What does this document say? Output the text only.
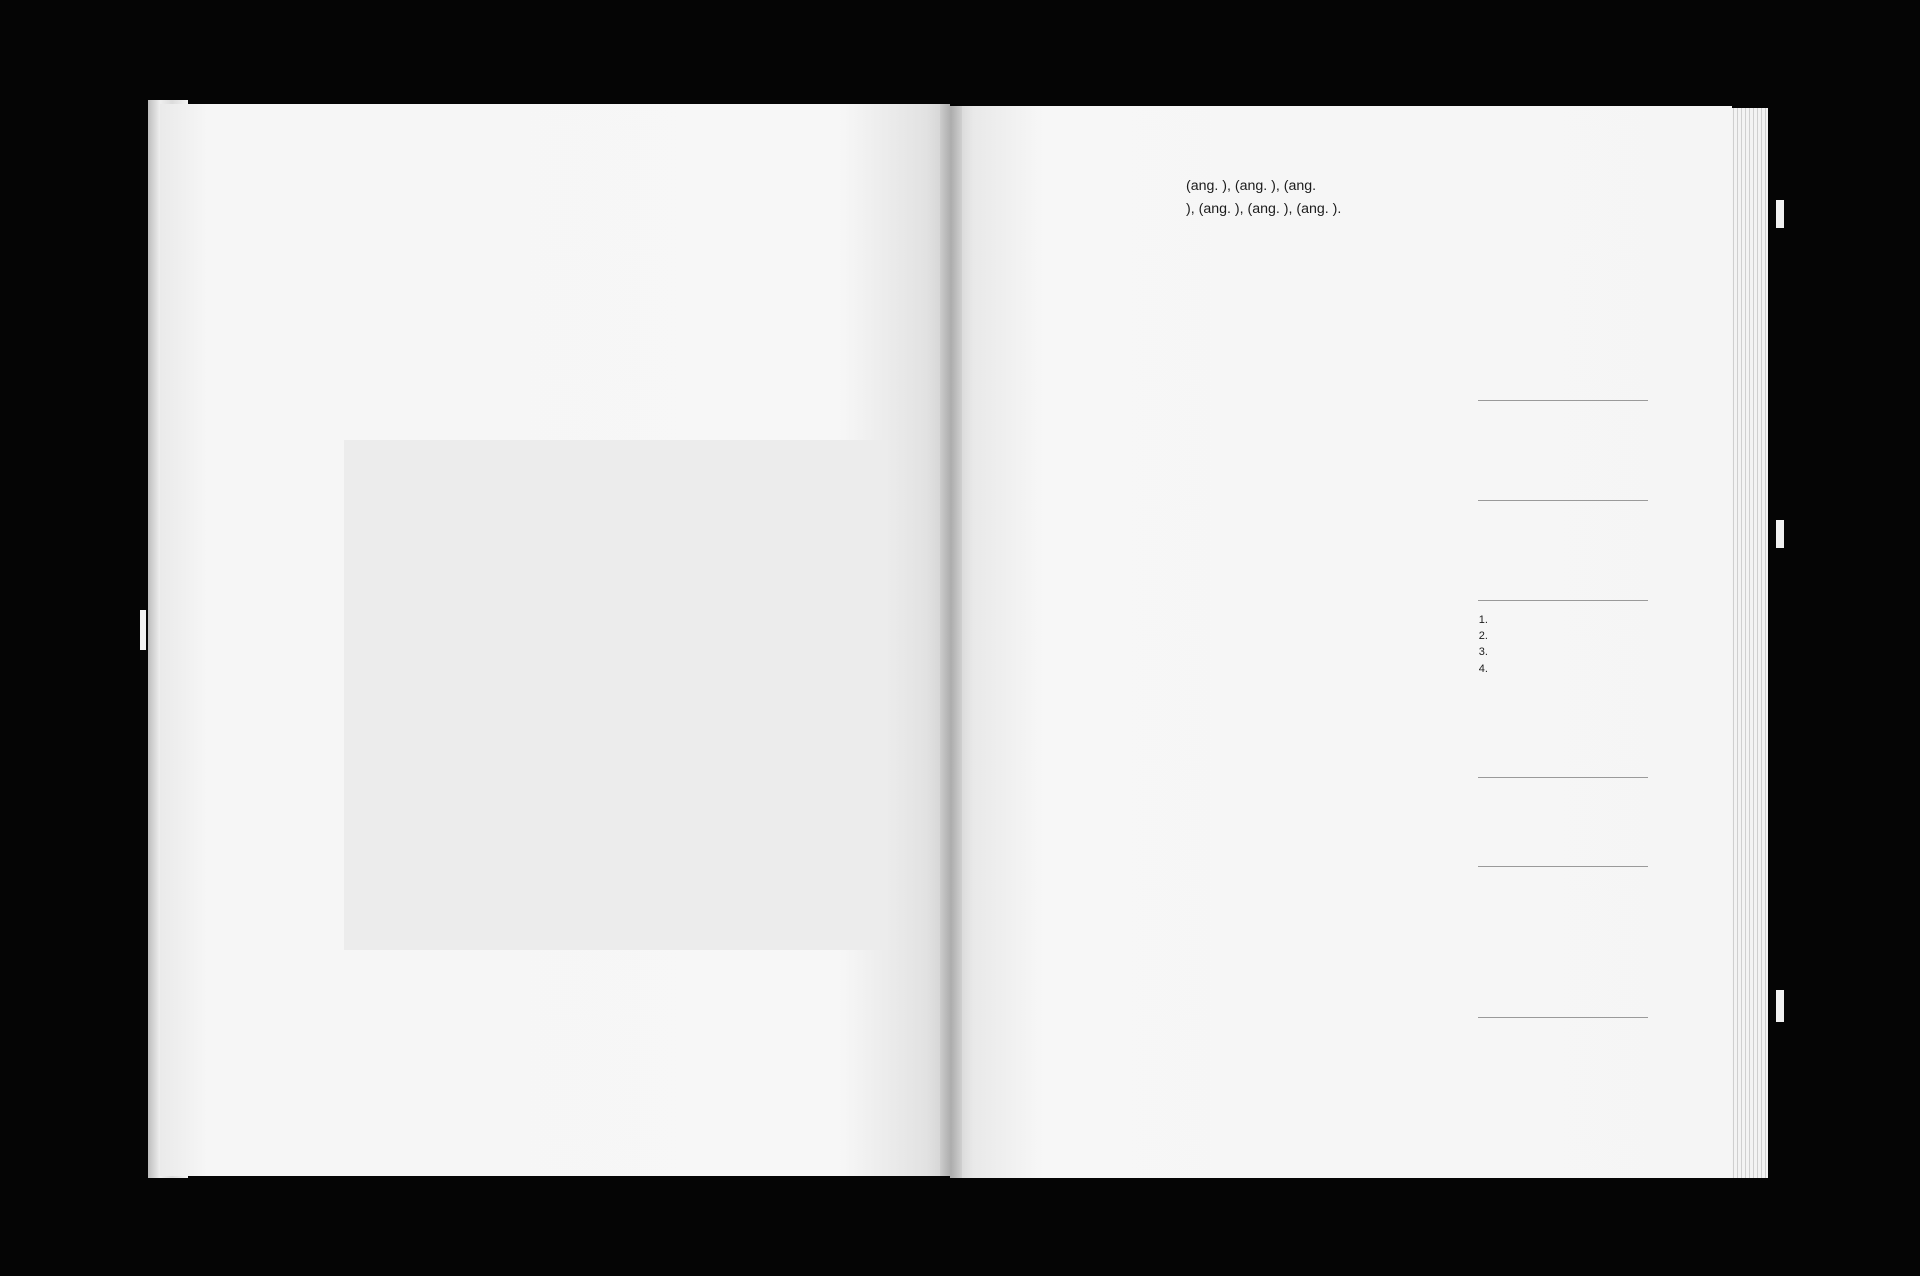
(ang. ), (ang. ), (ang.
), (ang. ), (ang. ), (ang. ).
1.
2.
3.
4.
